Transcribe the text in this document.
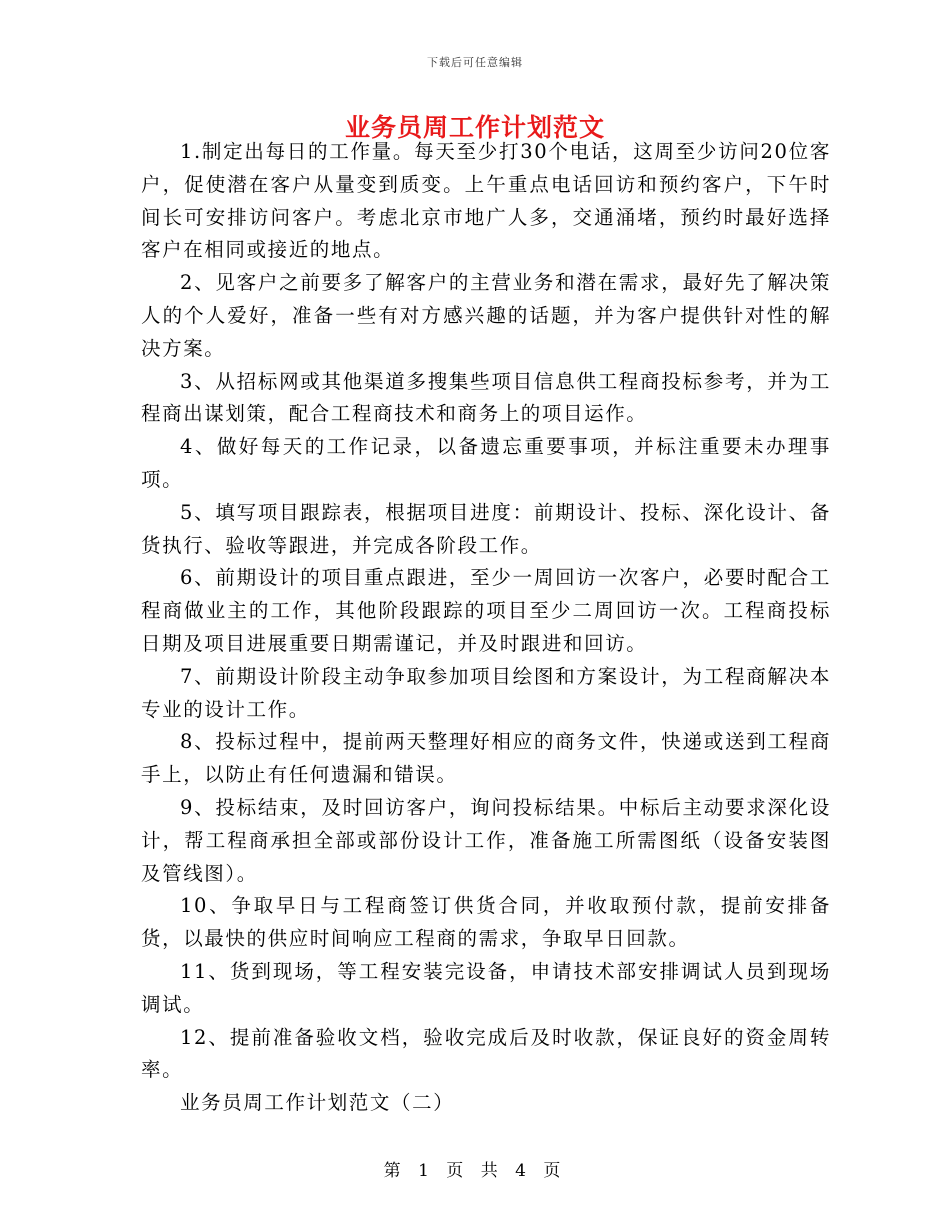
下载后可任意编辑
业务员周工作计划范文

1.制定出每日的工作量。每天至少打30个电话，这周至少访问20位客户，促使潜在客户从量变到质变。上午重点电话回访和预约客户，下午时间长可安排访问客户。考虑北京市地广人多，交通涌堵，预约时最好选择客户在相同或接近的地点。

2、见客户之前要多了解客户的主营业务和潜在需求，最好先了解决策人的个人爱好，准备一些有对方感兴趣的话题，并为客户提供针对性的解决方案。

3、从招标网或其他渠道多搜集些项目信息供工程商投标参考，并为工程商出谋划策，配合工程商技术和商务上的项目运作。

4、做好每天的工作记录，以备遗忘重要事项，并标注重要未办理事项。

5、填写项目跟踪表，根据项目进度：前期设计、投标、深化设计、备货执行、验收等跟进，并完成各阶段工作。

6、前期设计的项目重点跟进，至少一周回访一次客户，必要时配合工程商做业主的工作，其他阶段跟踪的项目至少二周回访一次。工程商投标日期及项目进展重要日期需谨记，并及时跟进和回访。

7、前期设计阶段主动争取参加项目绘图和方案设计，为工程商解决本专业的设计工作。

8、投标过程中，提前两天整理好相应的商务文件，快递或送到工程商手上，以防止有任何遗漏和错误。

9、投标结束，及时回访客户，询问投标结果。中标后主动要求深化设计，帮工程商承担全部或部份设计工作，准备施工所需图纸（设备安装图及管线图）。

10、争取早日与工程商签订供货合同，并收取预付款，提前安排备货，以最快的供应时间响应工程商的需求，争取早日回款。

11、货到现场，等工程安装完设备，申请技术部安排调试人员到现场调试。

12、提前准备验收文档，验收完成后及时收款，保证良好的资金周转率。

业务员周工作计划范文（二）

第 1 页 共 4 页
